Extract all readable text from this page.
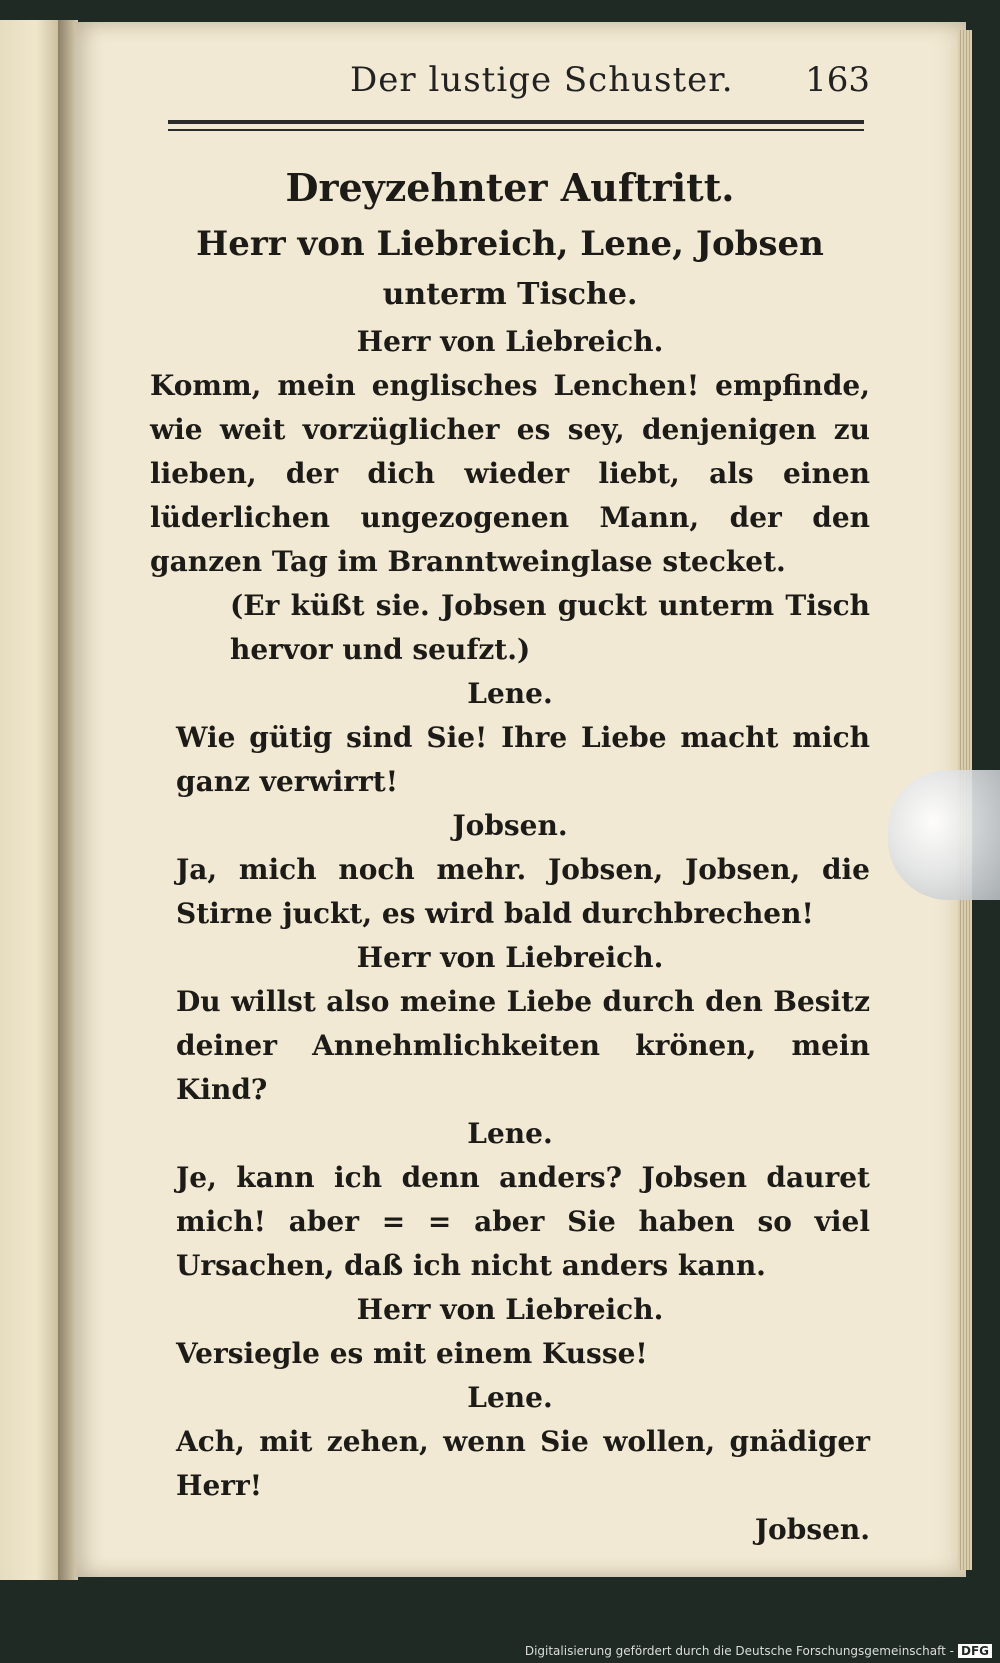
Der lustige Schuster. 163
Dreyzehnter Auftritt.
Herr von Liebreich, Lene, Jobsen
unterm Tische.
Herr von Liebreich.
Komm, mein englisches Lenchen! empfinde, wie weit vorzüglicher es sey, denjenigen zu lieben, der dich wieder liebt, als einen lüderlichen ungezogenen Mann, der den ganzen Tag im Branntweinglase stecket.
(Er küßt sie. Jobsen guckt unterm Tisch hervor und seufzt.)
Lene.
Wie gütig sind Sie! Ihre Liebe macht mich ganz verwirrt!
Jobsen.
Ja, mich noch mehr. Jobsen, Jobsen, die Stirne juckt, es wird bald durchbrechen!
Herr von Liebreich.
Du willst also meine Liebe durch den Besitz deiner Annehmlichkeiten krönen, mein Kind?
Lene.
Je, kann ich denn anders? Jobsen dauret mich! aber = = aber Sie haben so viel Ursachen, daß ich nicht anders kann.
Herr von Liebreich.
Versiegle es mit einem Kusse!
Lene.
Ach, mit zehen, wenn Sie wollen, gnädiger Herr!
Jobsen.
Digitalisierung gefördert durch die Deutsche Forschungsgemeinschaft - DFG
